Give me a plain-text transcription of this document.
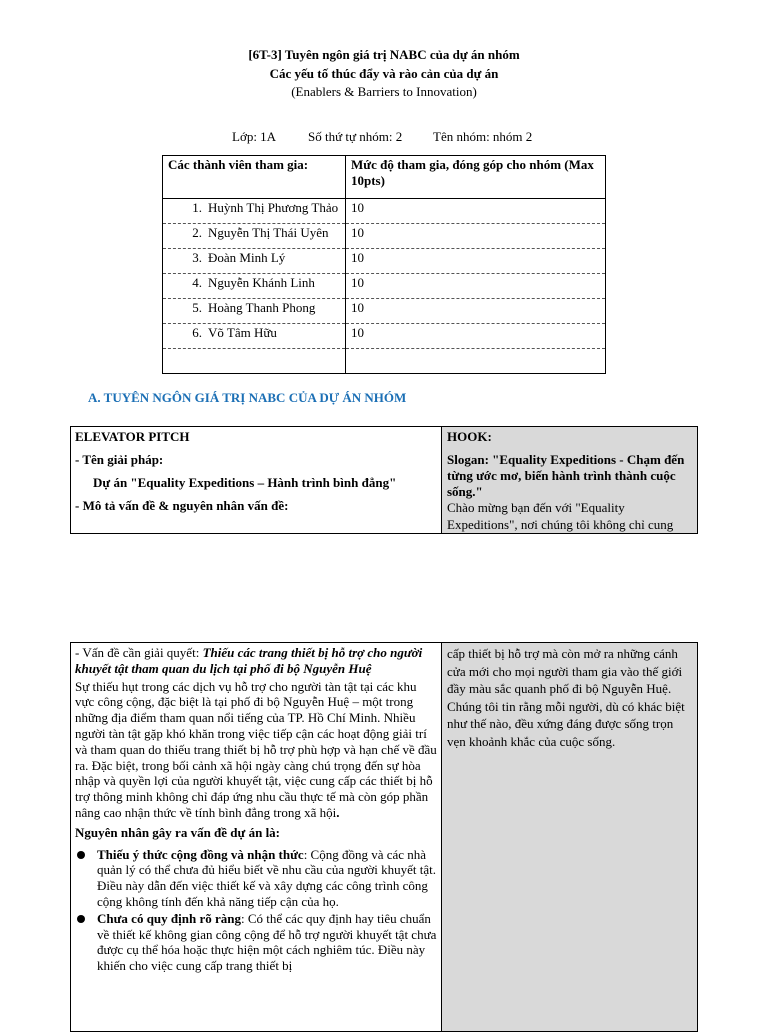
[6T-3] Tuyên ngôn giá trị NABC của dự án nhóm
Các yếu tố thúc đẩy và rào cản của dự án
(Enablers & Barriers to Innovation)
Lớp: 1A Số thứ tự nhóm: 2 Tên nhóm: nhóm 2
Các thành viên tham gia:	Mức độ tham gia, đóng góp cho nhóm (Max 10pts)
1. Huỳnh Thị Phương Thảo	10
2. Nguyễn Thị Thái Uyên	10
3. Đoàn Minh Lý	10
4. Nguyễn Khánh Linh	10
5. Hoàng Thanh Phong	10
6. Võ Tâm Hữu	10

A. TUYÊN NGÔN GIÁ TRỊ NABC CỦA DỰ ÁN NHÓM
ELEVATOR PITCH
- Tên giải pháp:
Dự án "Equality Expeditions – Hành trình bình đẳng"
- Mô tả vấn đề & nguyên nhân vấn đề:
HOOK:
Slogan: "Equality Expeditions - Chạm đến từng ước mơ, biến hành trình thành cuộc sống."
Chào mừng bạn đến với "Equality Expeditions", nơi chúng tôi không chỉ cung
- Vấn đề cần giải quyết: Thiếu các trang thiết bị hỗ trợ cho người khuyết tật tham quan du lịch tại phố đi bộ Nguyễn Huệ
Sự thiếu hụt trong các dịch vụ hỗ trợ cho người tàn tật tại các khu vực công cộng, đặc biệt là tại phố đi bộ Nguyễn Huệ – một trong những địa điểm tham quan nổi tiếng của TP. Hồ Chí Minh. Nhiều người tàn tật gặp khó khăn trong việc tiếp cận các hoạt động giải trí và tham quan do thiếu trang thiết bị hỗ trợ phù hợp và hạn chế về đầu ra. Đặc biệt, trong bối cảnh xã hội ngày càng chú trọng đến sự hòa nhập và quyền lợi của người khuyết tật, việc cung cấp các thiết bị hỗ trợ thông minh không chỉ đáp ứng nhu cầu thực tế mà còn góp phần nâng cao nhận thức về tính bình đẳng trong xã hội.
Nguyên nhân gây ra vấn đề dự án là:
Thiếu ý thức cộng đồng và nhận thức: Cộng đồng và các nhà quản lý có thể chưa đủ hiểu biết về nhu cầu của người khuyết tật. Điều này dẫn đến việc thiết kế và xây dựng các công trình công cộng không tính đến khả năng tiếp cận của họ.
Chưa có quy định rõ ràng: Có thể các quy định hay tiêu chuẩn về thiết kế không gian công cộng để hỗ trợ người khuyết tật chưa được cụ thể hóa hoặc thực hiện một cách nghiêm túc. Điều này khiến cho việc cung cấp trang thiết bị
cấp thiết bị hỗ trợ mà còn mở ra những cánh cửa mới cho mọi người tham gia vào thế giới đầy màu sắc quanh phố đi bộ Nguyễn Huệ. Chúng tôi tin rằng mỗi người, dù có khác biệt như thế nào, đều xứng đáng được sống trọn vẹn khoảnh khắc của cuộc sống.
